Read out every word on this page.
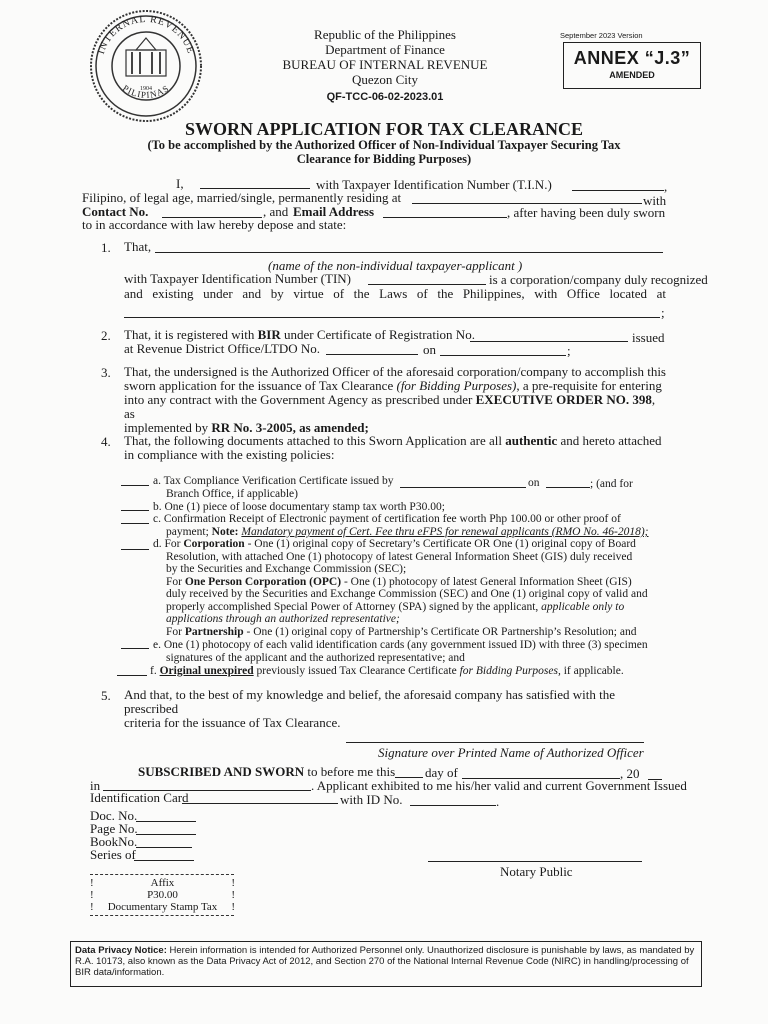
INTERNAL REVENUE
PILIPINAS
1904
Republic of the Philippines
Department of Finance
BUREAU OF INTERNAL REVENUE
Quezon City
QF-TCC-06-02-2023.01
September 2023 Version
ANNEX “J.3”
AMENDED
SWORN APPLICATION FOR TAX CLEARANCE
(To be accomplished by the Authorized Officer of Non-Individual Taxpayer Securing Tax Clearance for Bidding Purposes)
I,	with Taxpayer Identification Number (T.I.N.)	,
Filipino, of legal age, married/single, permanently residing at	with
Contact No.	, and Email Address	, after having been duly sworn
to in accordance with law hereby depose and state:
1. That,
(name of the non-individual taxpayer-applicant )
with Taxpayer Identification Number (TIN)	is a corporation/company duly recognized
and existing under and by virtue of the Laws of the Philippines, with Office located at
;
2. That, it is registered with BIR under Certificate of Registration No.	issued
at Revenue District Office/LTDO No.	on	;
3. That, the undersigned is the Authorized Officer of the aforesaid corporation/company to accomplish this
sworn application for the issuance of Tax Clearance (for Bidding Purposes), a pre-requisite for entering
into any contract with the Government Agency as prescribed under EXECUTIVE ORDER NO. 398, as
implemented by RR No. 3-2005, as amended;
4. That, the following documents attached to this Sworn Application are all authentic and hereto attached
in compliance with the existing policies:
a. Tax Compliance Verification Certificate issued by	on	; (and for
Branch Office, if applicable)
b. One (1) piece of loose documentary stamp tax worth P30.00;
c. Confirmation Receipt of Electronic payment of certification fee worth Php 100.00 or other proof of
payment; Note: Mandatory payment of Cert. Fee thru eFPS for renewal applicants (RMO No. 46-2018);
d. For Corporation - One (1) original copy of Secretary’s Certificate OR One (1) original copy of Board
Resolution, with attached One (1) photocopy of latest General Information Sheet (GIS) duly received
by the Securities and Exchange Commission (SEC);
For One Person Corporation (OPC) - One (1) photocopy of latest General Information Sheet (GIS)
duly received by the Securities and Exchange Commission (SEC) and One (1) original copy of valid and
properly accomplished Special Power of Attorney (SPA) signed by the applicant, applicable only to
applications through an authorized representative;
For Partnership - One (1) original copy of Partnership’s Certificate OR Partnership’s Resolution; and
e. One (1) photocopy of each valid identification cards (any government issued ID) with three (3) specimen
signatures of the applicant and the authorized representative; and
f. Original unexpired previously issued Tax Clearance Certificate for Bidding Purposes, if applicable.
5. And that, to the best of my knowledge and belief, the aforesaid company has satisfied with the prescribed
criteria for the issuance of Tax Clearance.
Signature over Printed Name of Authorized Officer
SUBSCRIBED AND SWORN to before me this day of	, 20
in	. Applicant exhibited to me his/her valid and current Government Issued
Identification Card	with ID No.	.
Doc. No.
Page No.
BookNo.
Series of
Notary Public
!	Affix	!
!	P30.00	!
! Documentary Stamp Tax !
Data Privacy Notice: Herein information is intended for Authorized Personnel only. Unauthorized disclosure is punishable by laws, as mandated by R.A. 10173, also known as the Data Privacy Act of 2012, and Section 270 of the National Internal Revenue Code (NIRC) in handling/processing of BIR data/information.
